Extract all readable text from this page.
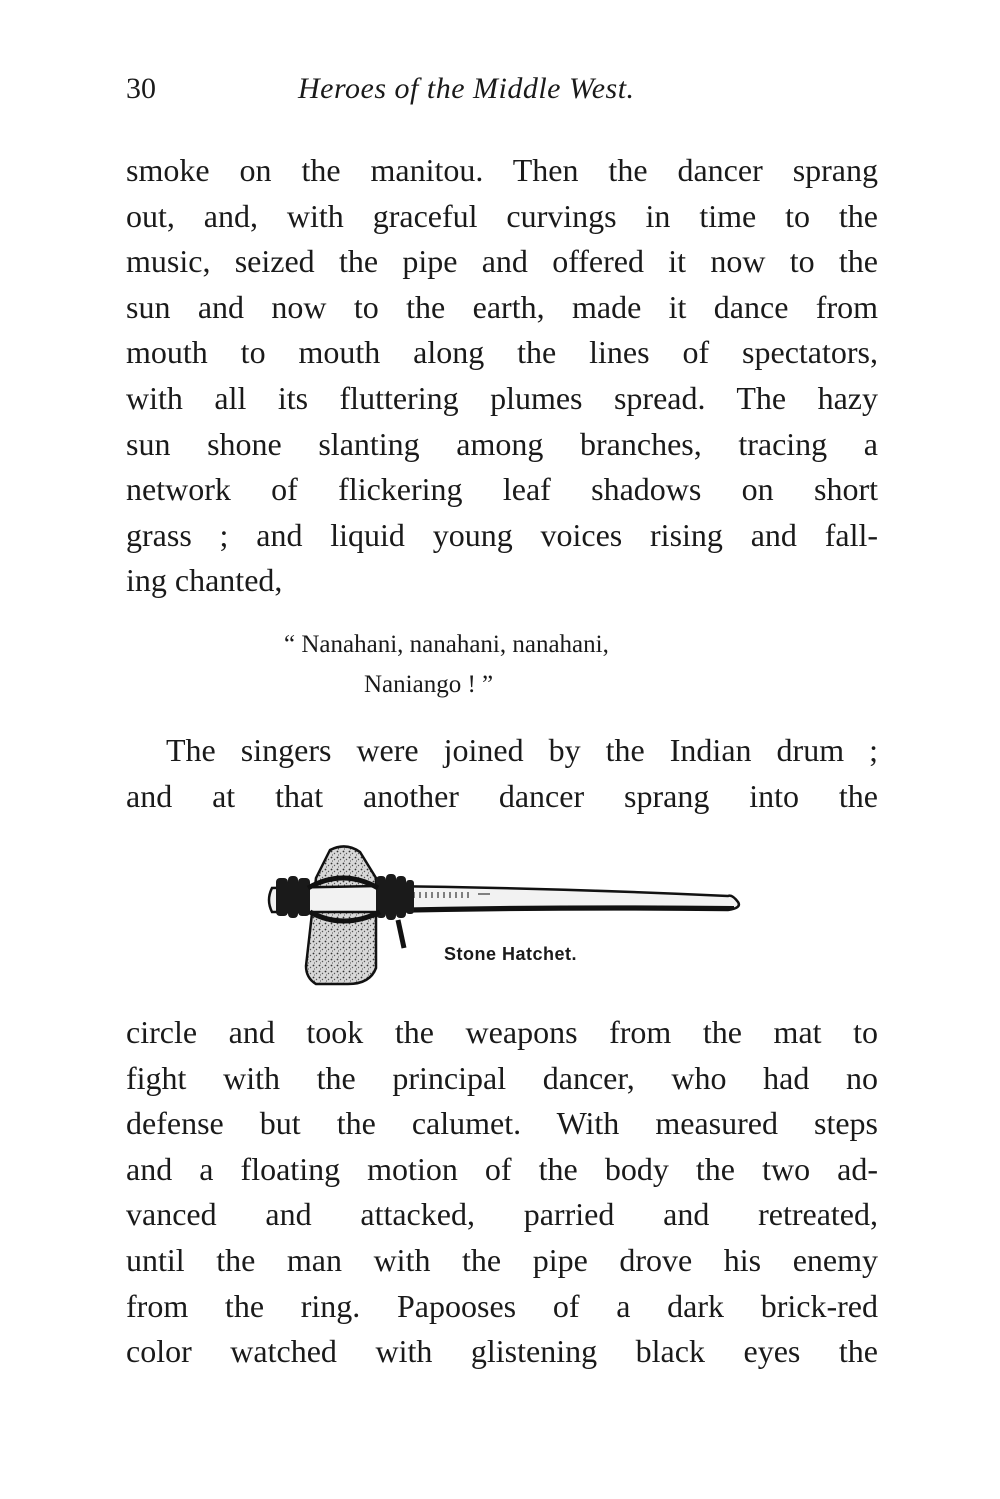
30	Heroes of the Middle West.
smoke on the manitou. Then the dancer sprang
out, and, with graceful curvings in time to the
music, seized the pipe and offered it now to the
sun and now to the earth, made it dance from
mouth to mouth along the lines of spectators,
with all its fluttering plumes spread. The hazy
sun shone slanting among branches, tracing a
network of flickering leaf shadows on short
grass ; and liquid young voices rising and fall-
ing chanted,
“ Nanahani, nanahani, nanahani,
Naniango ! ”
The singers were joined by the Indian drum ;
and at that another dancer sprang into the
Stone Hatchet.
circle and took the weapons from the mat to
fight with the principal dancer, who had no
defense but the calumet. With measured steps
and a floating motion of the body the two ad-
vanced and attacked, parried and retreated,
until the man with the pipe drove his enemy
from the ring. Papooses of a dark brick-red
color watched with glistening black eyes the
